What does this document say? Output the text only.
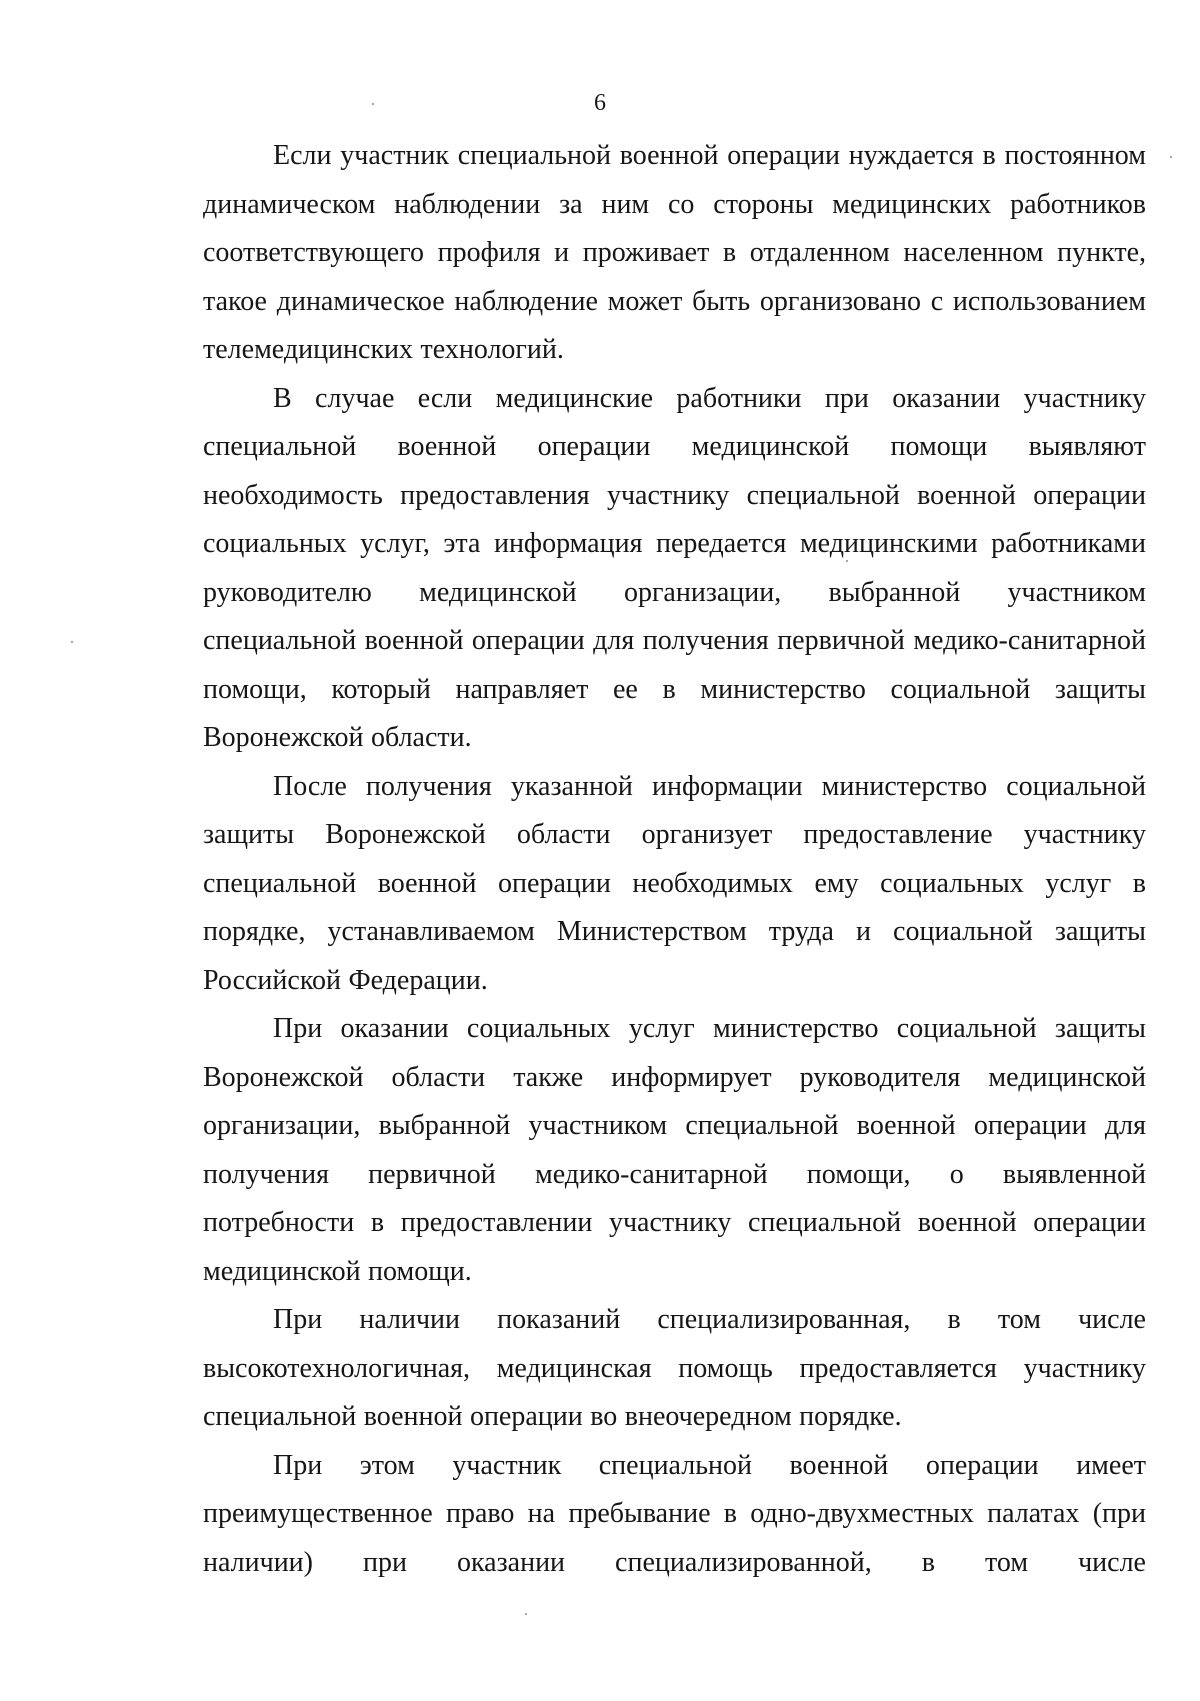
6

Если участник специальной военной операции нуждается в постоянном динамическом наблюдении за ним со стороны медицинских работников соответствующего профиля и проживает в отдаленном населенном пункте, такое динамическое наблюдение может быть организовано с использованием телемедицинских технологий.

В случае если медицинские работники при оказании участнику специальной военной операции медицинской помощи выявляют необходимость предоставления участнику специальной военной операции социальных услуг, эта информация передается медицинскими работниками руководителю медицинской организации, выбранной участником специальной военной операции для получения первичной медико-санитарной помощи, который направляет ее в министерство социальной защиты Воронежской области.

После получения указанной информации министерство социальной защиты Воронежской области организует предоставление участнику специальной военной операции необходимых ему социальных услуг в порядке, устанавливаемом Министерством труда и социальной защиты Российской Федерации.

При оказании социальных услуг министерство социальной защиты Воронежской области также информирует руководителя медицинской организации, выбранной участником специальной военной операции для получения первичной медико-санитарной помощи, о выявленной потребности в предоставлении участнику специальной военной операции медицинской помощи.

При наличии показаний специализированная, в том числе высокотехнологичная, медицинская помощь предоставляется участнику специальной военной операции во внеочередном порядке.

При этом участник специальной военной операции имеет преимущественное право на пребывание в одно-двухместных палатах (при наличии) при оказании специализированной, в том числе
